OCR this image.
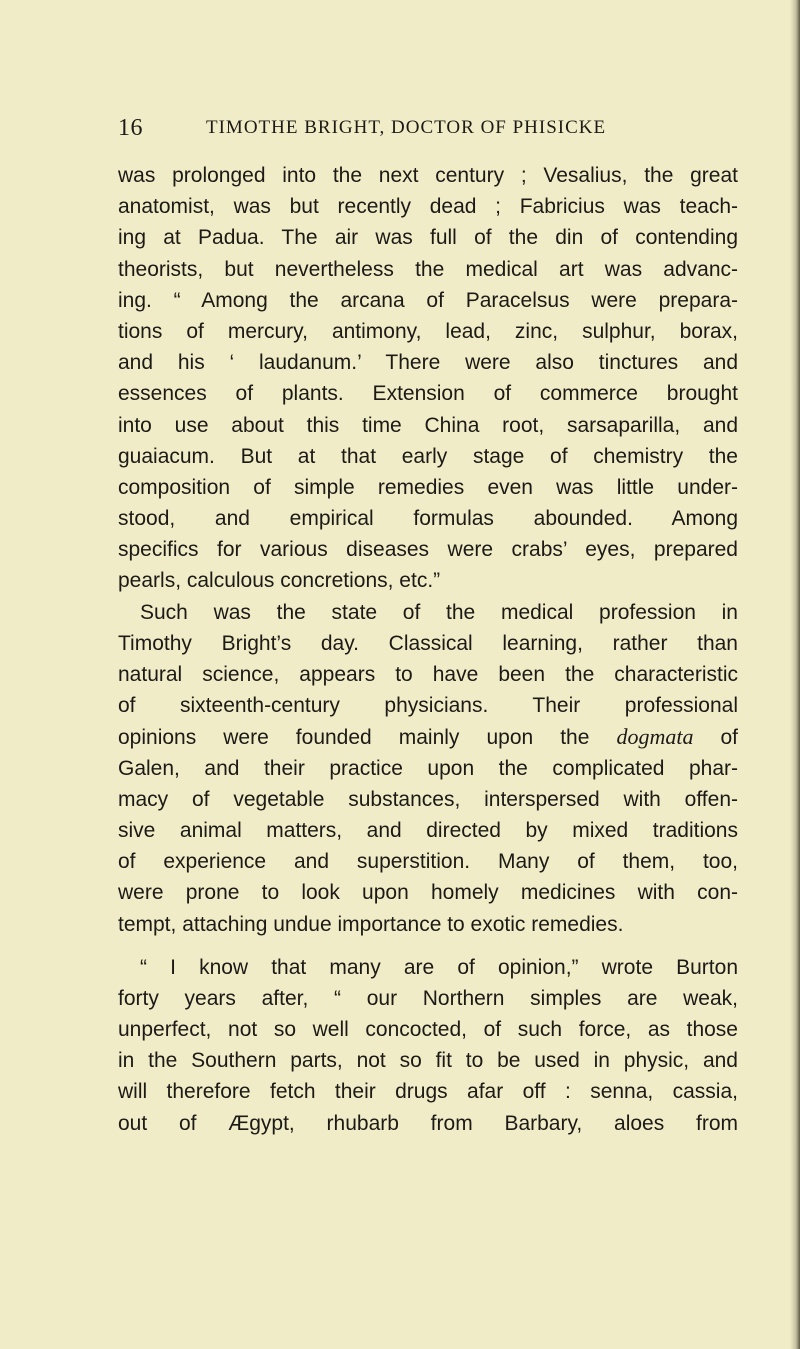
16	TIMOTHE BRIGHT, DOCTOR OF PHISICKE
was prolonged into the next century ; Vesalius, the great
anatomist, was but recently dead ; Fabricius was teach-
ing at Padua. The air was full of the din of contending
theorists, but nevertheless the medical art was advanc-
ing. “ Among the arcana of Paracelsus were prepara-
tions of mercury, antimony, lead, zinc, sulphur, borax,
and his ‘ laudanum.’ There were also tinctures and
essences of plants. Extension of commerce brought
into use about this time China root, sarsaparilla, and
guaiacum. But at that early stage of chemistry the
composition of simple remedies even was little under-
stood, and empirical formulas abounded. Among
specifics for various diseases were crabs’ eyes, prepared
pearls, calculous concretions, etc.”
Such was the state of the medical profession in
Timothy Bright’s day. Classical learning, rather than
natural science, appears to have been the characteristic
of sixteenth-century physicians. Their professional
opinions were founded mainly upon the dogmata of
Galen, and their practice upon the complicated phar-
macy of vegetable substances, interspersed with offen-
sive animal matters, and directed by mixed traditions
of experience and superstition. Many of them, too,
were prone to look upon homely medicines with con-
tempt, attaching undue importance to exotic remedies.
“ I know that many are of opinion,” wrote Burton
forty years after, “ our Northern simples are weak,
unperfect, not so well concocted, of such force, as those
in the Southern parts, not so fit to be used in physic, and
will therefore fetch their drugs afar off : senna, cassia,
out of Ægypt, rhubarb from Barbary, aloes from
